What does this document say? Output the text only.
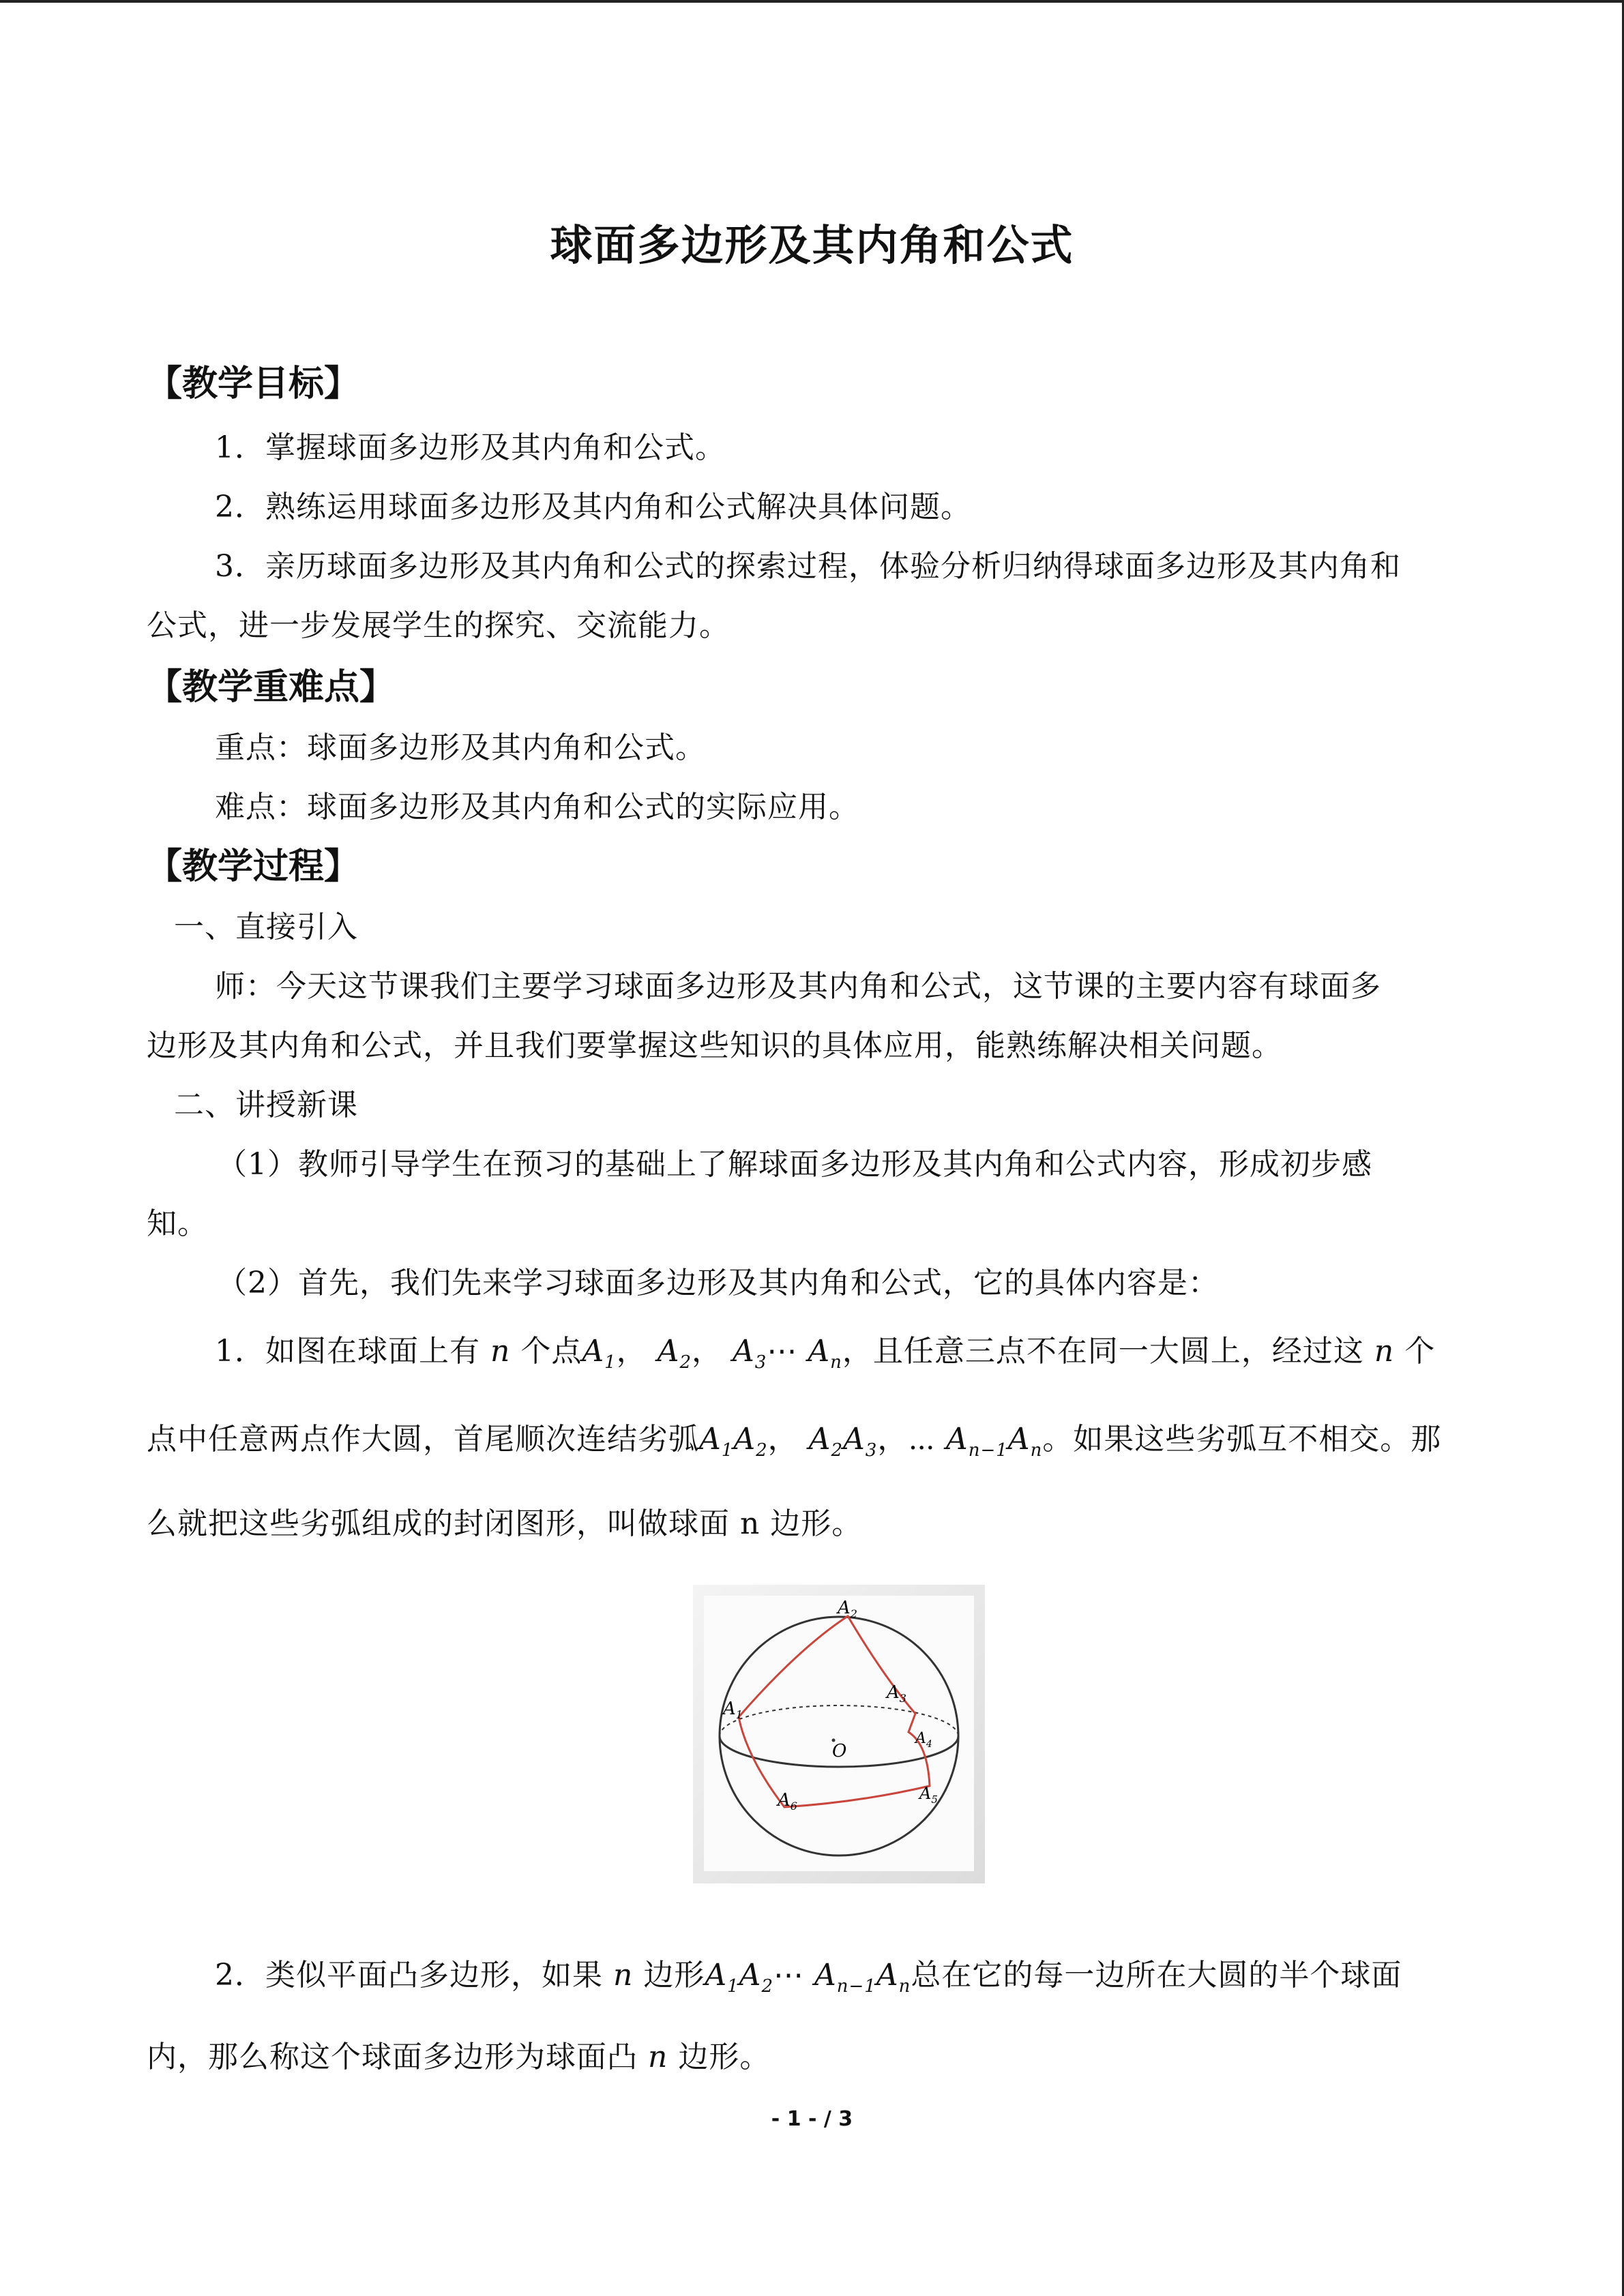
球面多边形及其内角和公式
【教学目标】
1．掌握球面多边形及其内角和公式。
2．熟练运用球面多边形及其内角和公式解决具体问题。
3．亲历球面多边形及其内角和公式的探索过程，体验分析归纳得球面多边形及其内角和
公式，进一步发展学生的探究、交流能力。
【教学重难点】
重点：球面多边形及其内角和公式。
难点：球面多边形及其内角和公式的实际应用。
【教学过程】
一、直接引入
师：今天这节课我们主要学习球面多边形及其内角和公式，这节课的主要内容有球面多
边形及其内角和公式，并且我们要掌握这些知识的具体应用，能熟练解决相关问题。
二、讲授新课
（1）教师引导学生在预习的基础上了解球面多边形及其内角和公式内容，形成初步感
知。
（2）首先，我们先来学习球面多边形及其内角和公式，它的具体内容是：
1．如图在球面上有 n 个点$A_1$， $A_2$， $A_3\cdots$ $A_n$，且任意三点不在同一大圆上，经过这 n 个
点中任意两点作大圆，首尾顺次连结劣弧$A_1A_2$， $A_2A_3$，⋯ $A_{n-1}A_n$。如果这些劣弧互不相交。那
么就把这些劣弧组成的封闭图形，叫做球面 n 边形。
$A_2$
$A_1$
$A_3$
$A_4$
$A_5$
$A_6$
O
2．类似平面凸多边形，如果 n 边形$A_1A_2\cdots$ $A_{n-1}A_n$总在它的每一边所在大圆的半个球面
内，那么称这个球面多边形为球面凸 n 边形。
- 1 - / 3
